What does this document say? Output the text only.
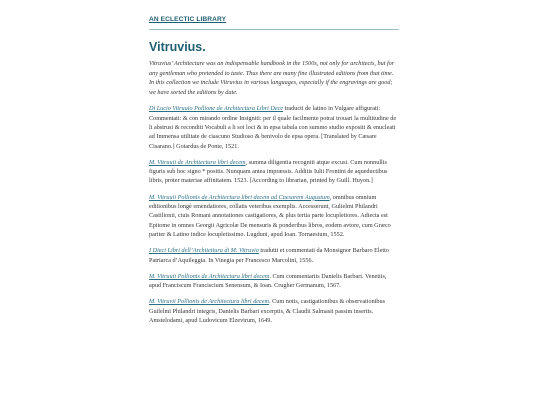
AN ECLECTIC LIBRARY
Vitruvius.

Vitruvius’ Architecture was an indispensable handbook in the 1500s, not only for architects, but for any gentleman who pretended to taste. Thus there are many fine illustrated editions from that time. In this collection we include Vitruvius in various languages, especially if the engravings are good; we have sorted the editions by date.

Di Lucio Vitruuio Pollione de Architectura Libri Dece traducti de latino in Vulgare affigurati: Commentati: & con mirando ordine Insigniti: per il quale facilmente potrai trouari la multitudine de li abstrusi & reconditi Vocabuli a li soi loci & in epsa tabula con summo studio expositi & enucleati ad Immensa utilitate de ciascuno Studioso & benivolo de epsa opera. [Translated by Cæsare Cisarano.] Gotardus de Ponte, 1521.

M. Vitruuii de Architectura libri decem, summa diligentia recogniti atque excusi. Cum nonnullis figuris sub hoc signo * positis. Nunquam antea impræssis. Additis Iulii Frontini de aqueductibus libris, proter materiae affinitatem. 1523. [According to librarian, printed by Guill. Huyon.]

M. Vitruuii Pollionis de Architectura libri decem ad Caesarem Augustum, omnibus omnium editionibus longè emendatiores, collatis veteribus exemplis. Accesserunt, Gulielmi Philandri Castilionii, ciuis Romani annotationes castigatiores, & plus tertia parte locupletiores. Adiecta est Epitome in omnes Georgii Agricolæ De mensuris & ponderibus libros, eodem avtore, cum Græco pariter & Latino indice locupletissimo. Lugduni, apud Ioan. Tornaesium, 1552.

I Dieci Libri dell’Architettura di M. Vitruvio tradutti et commentati da Monsignor Barbaro Eletto Patriarca d’Aquileggia. In Vinegia per Francesco Marcolini, 1556.

M. Vitruuii Pollionis de Architectura libri decem. Cum commentariis Danielis Barbari. Venetiis, apud Franciscum Franciscium Senensum, & Ioan. Crugher Germanum, 1567.

M. Vitruvii Pollionis de Architectura libri decem. Cum notis, castigationibus & observationibus Guilelmi Philandri integris, Danielis Barbari excerptis, & Claudii Salmasii passim insertis. Amstelodami, apud Ludovicum Elzevirum, 1649.
